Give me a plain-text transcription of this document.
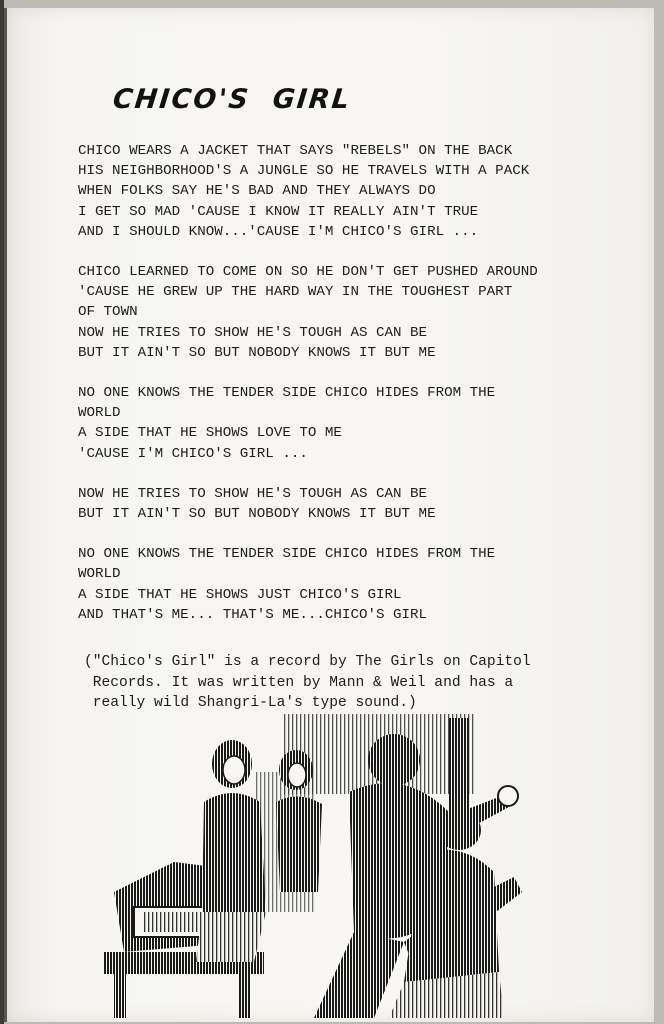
CHICO'S  GIRL
CHICO WEARS A JACKET THAT SAYS "REBELS" ON THE BACK
HIS NEIGHBORHOOD'S A JUNGLE SO HE TRAVELS WITH A PACK
WHEN FOLKS SAY HE'S BAD AND THEY ALWAYS DO
I GET SO MAD 'CAUSE I KNOW IT REALLY AIN'T TRUE
AND I SHOULD KNOW...'CAUSE I'M CHICO'S GIRL ...
CHICO LEARNED TO COME ON SO HE DON'T GET PUSHED AROUND
'CAUSE HE GREW UP THE HARD WAY IN THE TOUGHEST PART
OF TOWN
NOW HE TRIES TO SHOW HE'S TOUGH AS CAN BE
BUT IT AIN'T SO BUT NOBODY KNOWS IT BUT ME
NO ONE KNOWS THE TENDER SIDE CHICO HIDES FROM THE
WORLD
A SIDE THAT HE SHOWS LOVE TO ME
'CAUSE I'M CHICO'S GIRL ...
NOW HE TRIES TO SHOW HE'S TOUGH AS CAN BE
BUT IT AIN'T SO BUT NOBODY KNOWS IT BUT ME
NO ONE KNOWS THE TENDER SIDE CHICO HIDES FROM THE
WORLD
A SIDE THAT HE SHOWS JUST CHICO'S GIRL
AND THAT'S ME... THAT'S ME...CHICO'S GIRL
("Chico's Girl" is a record by The Girls on Capitol
Records. It was written by Mann & Weil and has a
really wild Shangri-La's type sound.)
